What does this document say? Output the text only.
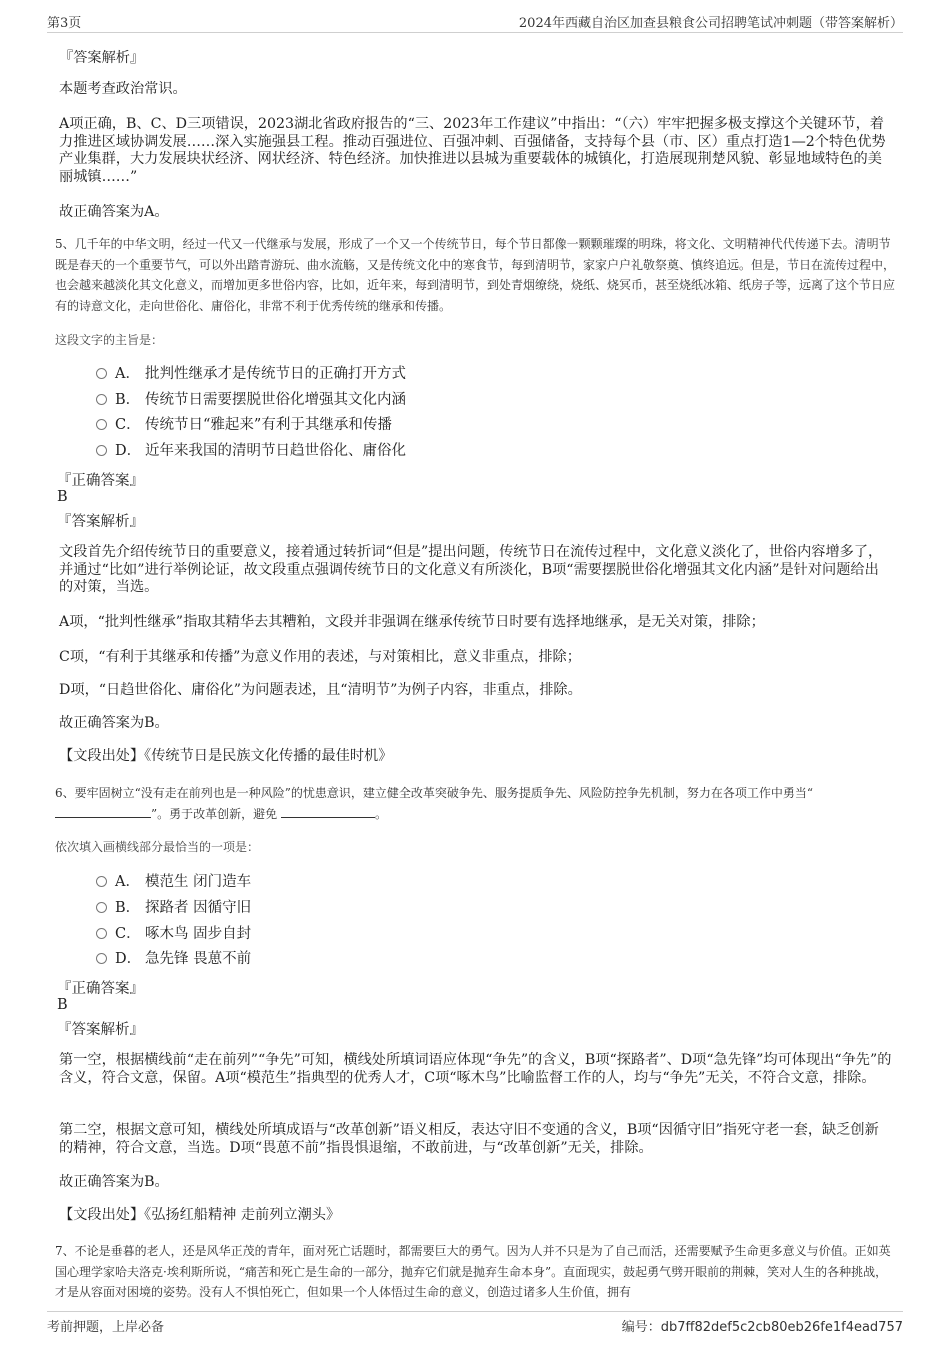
第3页	2024年西藏自治区加查县粮食公司招聘笔试冲刺题（带答案解析）
『答案解析』
本题考查政治常识。
A项正确，B、C、D三项错误，2023湖北省政府报告的“三、2023年工作建议”中指出：“（六）牢牢把握多极支撑这个关键环节，着力推进区域协调发展……深入实施强县工程。推动百强进位、百强冲刺、百强储备，支持每个县（市、区）重点打造1—2个特色优势产业集群，大力发展块状经济、网状经济、特色经济。加快推进以县城为重要载体的城镇化，打造展现荆楚风貌、彰显地域特色的美丽城镇……”
故正确答案为A。
5、几千年的中华文明，经过一代又一代继承与发展，形成了一个又一个传统节日，每个节日都像一颗颗璀璨的明珠，将文化、文明精神代代传递下去。清明节既是春天的一个重要节气，可以外出踏青游玩、曲水流觞，又是传统文化中的寒食节，每到清明节，家家户户礼敬祭奠、慎终追远。但是，节日在流传过程中，也会越来越淡化其文化意义，而增加更多世俗内容，比如，近年来，每到清明节，到处青烟缭绕，烧纸、烧冥币，甚至烧纸冰箱、纸房子等，远离了这个节日应有的诗意文化，走向世俗化、庸俗化，非常不利于优秀传统的继承和传播。
这段文字的主旨是：
A． 批判性继承才是传统节日的正确打开方式
B． 传统节日需要摆脱世俗化增强其文化内涵
C． 传统节日“雅起来”有利于其继承和传播
D． 近年来我国的清明节日趋世俗化、庸俗化
『正确答案』
B
『答案解析』
文段首先介绍传统节日的重要意义，接着通过转折词“但是”提出问题，传统节日在流传过程中，文化意义淡化了，世俗内容增多了，并通过“比如”进行举例论证，故文段重点强调传统节日的文化意义有所淡化，B项“需要摆脱世俗化增强其文化内涵”是针对问题给出的对策，当选。
A项，“批判性继承”指取其精华去其糟粕，文段并非强调在继承传统节日时要有选择地继承，是无关对策，排除；
C项，“有利于其继承和传播”为意义作用的表述，与对策相比，意义非重点，排除；
D项，“日趋世俗化、庸俗化”为问题表述，且“清明节”为例子内容，非重点，排除。
故正确答案为B。
【文段出处】《传统节日是民族文化传播的最佳时机》
6、要牢固树立“没有走在前列也是一种风险”的忧患意识，建立健全改革突破争先、服务提质争先、风险防控争先机制，努力在各项工作中勇当“
”。勇于改革创新，避免	。
依次填入画横线部分最恰当的一项是：
A． 模范生 闭门造车
B． 探路者 因循守旧
C． 啄木鸟 固步自封
D． 急先锋 畏葸不前
『正确答案』
B
『答案解析』
第一空，根据横线前“走在前列”“争先”可知，横线处所填词语应体现“争先”的含义，B项“探路者”、D项“急先锋”均可体现出“争先”的含义，符合文意，保留。A项“模范生”指典型的优秀人才，C项“啄木鸟”比喻监督工作的人，均与“争先”无关，不符合文意，排除。
第二空，根据文意可知，横线处所填成语与“改革创新”语义相反，表达守旧不变通的含义，B项“因循守旧”指死守老一套，缺乏创新的精神，符合文意，当选。D项“畏葸不前”指畏惧退缩，不敢前进，与“改革创新”无关，排除。
故正确答案为B。
【文段出处】《弘扬红船精神 走前列立潮头》
7、不论是垂暮的老人，还是风华正茂的青年，面对死亡话题时，都需要巨大的勇气。因为人并不只是为了自己而活，还需要赋予生命更多意义与价值。正如英国心理学家哈夫洛克·埃利斯所说，“痛苦和死亡是生命的一部分，抛弃它们就是抛弃生命本身”。直面现实，鼓起勇气劈开眼前的荆棘，笑对人生的各种挑战，才是从容面对困境的姿势。没有人不惧怕死亡，但如果一个人体悟过生命的意义，创造过诸多人生价值，拥有
考前押题，上岸必备	编号：db7ff82def5c2cb80eb26fe1f4ead757
